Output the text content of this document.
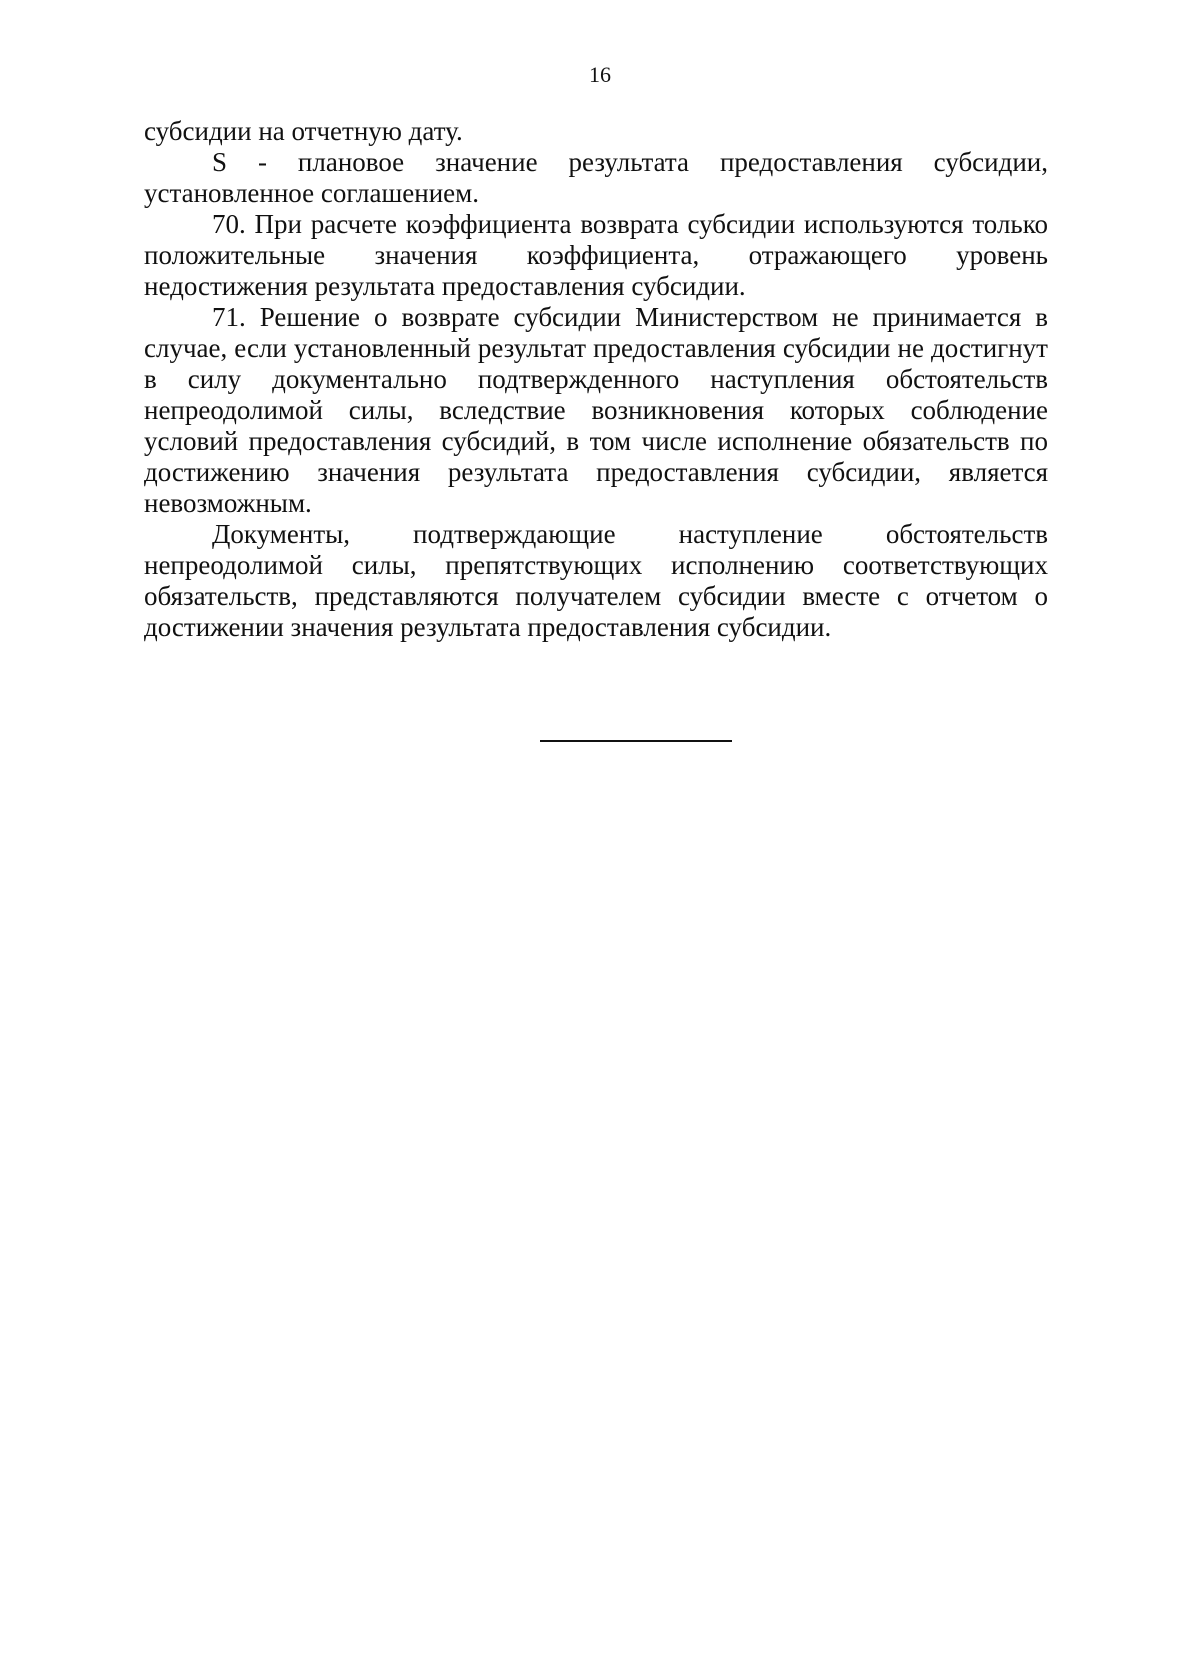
16

субсидии на отчетную дату.

S - плановое значение результата предоставления субсидии, установленное соглашением.

70. При расчете коэффициента возврата субсидии используются только положительные значения коэффициента, отражающего уровень недостижения результата предоставления субсидии.

71. Решение о возврате субсидии Министерством не принимается в случае, если установленный результат предоставления субсидии не достигнут в силу документально подтвержденного наступления обстоятельств непреодолимой силы, вследствие возникновения которых соблюдение условий предоставления субсидий, в том числе исполнение обязательств по достижению значения результата предоставления субсидии, является невозможным.

Документы, подтверждающие наступление обстоятельств непреодолимой силы, препятствующих исполнению соответствующих обязательств, представляются получателем субсидии вместе с отчетом о достижении значения результата предоставления субсидии.
